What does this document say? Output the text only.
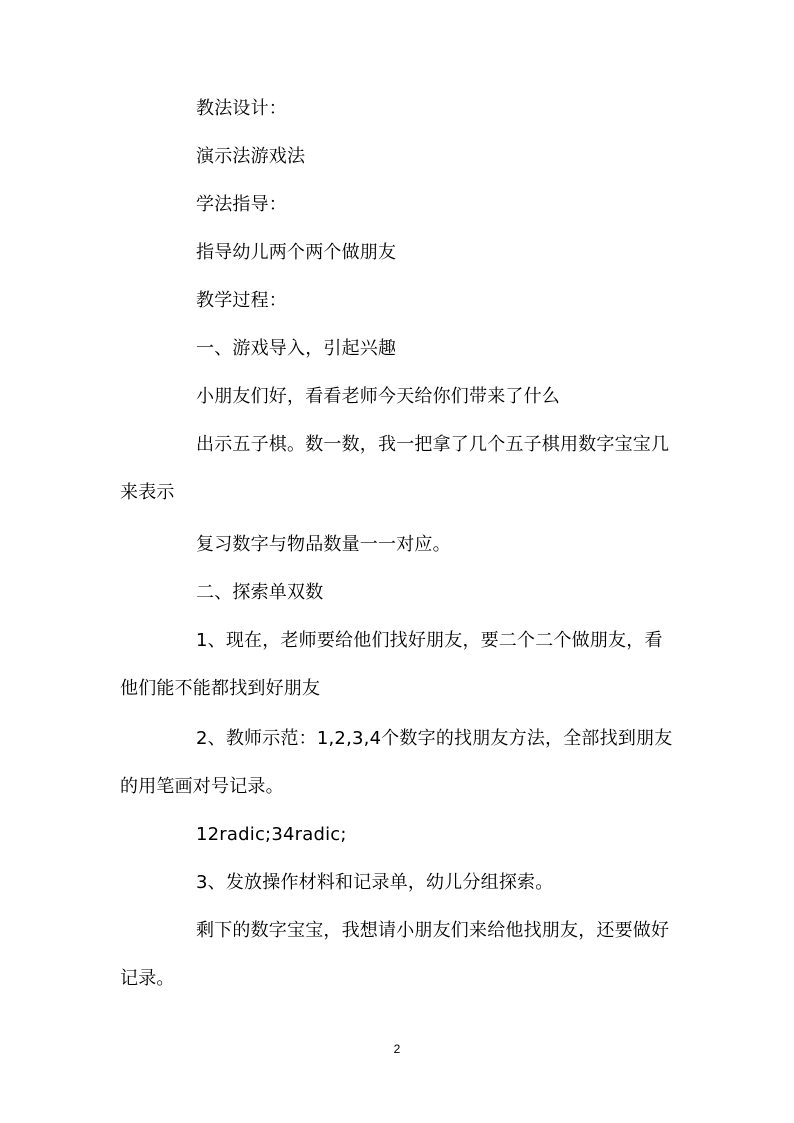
教法设计：

演示法游戏法

学法指导：

指导幼儿两个两个做朋友

教学过程：

一、游戏导入，引起兴趣

小朋友们好，看看老师今天给你们带来了什么

出示五子棋。数一数，我一把拿了几个五子棋用数字宝宝几来表示

复习数字与物品数量一一对应。

二、探索单双数

1、现在，老师要给他们找好朋友，要二个二个做朋友，看他们能不能都找到好朋友

2、教师示范：1,2,3,4个数字的找朋友方法，全部找到朋友的用笔画对号记录。

12radic;34radic;

3、发放操作材料和记录单，幼儿分组探索。

剩下的数字宝宝，我想请小朋友们来给他找朋友，还要做好记录。

2
